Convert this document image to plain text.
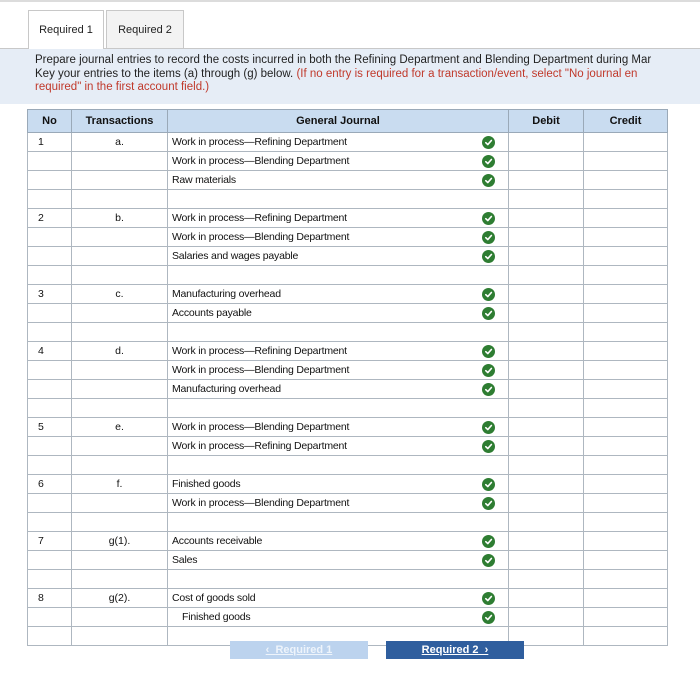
Required 1	Required 2
Prepare journal entries to record the costs incurred in both the Refining Department and Blending Department during Mar
Key your entries to the items (a) through (g) below. (If no entry is required for a transaction/event, select "No journal en
required" in the first account field.)
No	Transactions	General Journal	Debit	Credit
1	a.	Work in process—Refining Department

		Work in process—Blending Department

		Raw materials

2	b.	Work in process—Refining Department

		Work in process—Blending Department

		Salaries and wages payable

3	c.	Manufacturing overhead

		Accounts payable

4	d.	Work in process—Refining Department

		Work in process—Blending Department

		Manufacturing overhead

5	e.	Work in process—Blending Department

		Work in process—Refining Department

6	f.	Finished goods

		Work in process—Blending Department

7	g(1).	Accounts receivable

		Sales

8	g(2).	Cost of goods sold

		Finished goods

‹ Required 1	Required 2 ›
